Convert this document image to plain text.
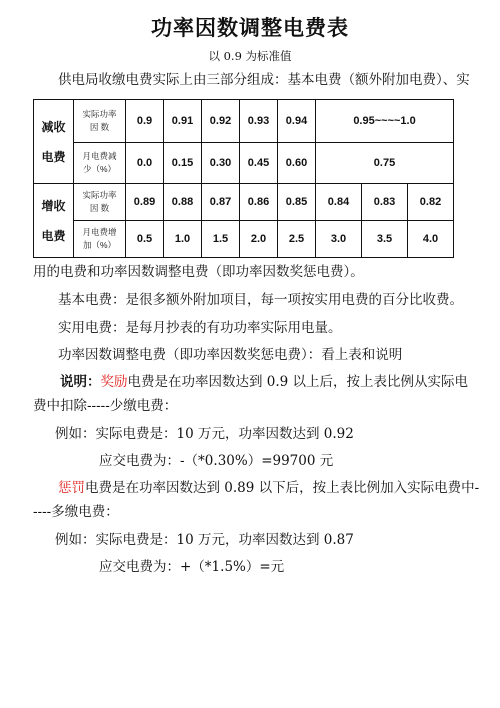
功率因数调整电费表
以 0.9 为标准值
供电局收缴电费实际上由三部分组成：基本电费（额外附加电费）、实
减收
电费	实际功率
因 数	0.9	0.91	0.92	0.93	0.94	0.95~~~~1.0		
	月电费减
少（%）	0.0	0.15	0.30	0.45	0.60	0.75		
增收
电费	实际功率
因 数	0.89	0.88	0.87	0.86	0.85	0.84	0.83	0.82
	月电费增
加（%）	0.5	1.0	1.5	2.0	2.5	3.0	3.5	4.0
用的电费和功率因数调整电费（即功率因数奖惩电费）。
基本电费：是很多额外附加项目，每一项按实用电费的百分比收费。
实用电费：是每月抄表的有功功率实际用电量。
功率因数调整电费（即功率因数奖惩电费）：看上表和说明
说明：奖励电费是在功率因数达到 0.9 以上后，按上表比例从实际电
费中扣除-----少缴电费：
例如：实际电费是：10 万元，功率因数达到 0.92
应交电费为：-（*0.30%）=99700 元
惩罚电费是在功率因数达到 0.89 以下后，按上表比例加入实际电费中-
----多缴电费：
例如：实际电费是：10 万元，功率因数达到 0.87
应交电费为：+（*1.5%）=元
